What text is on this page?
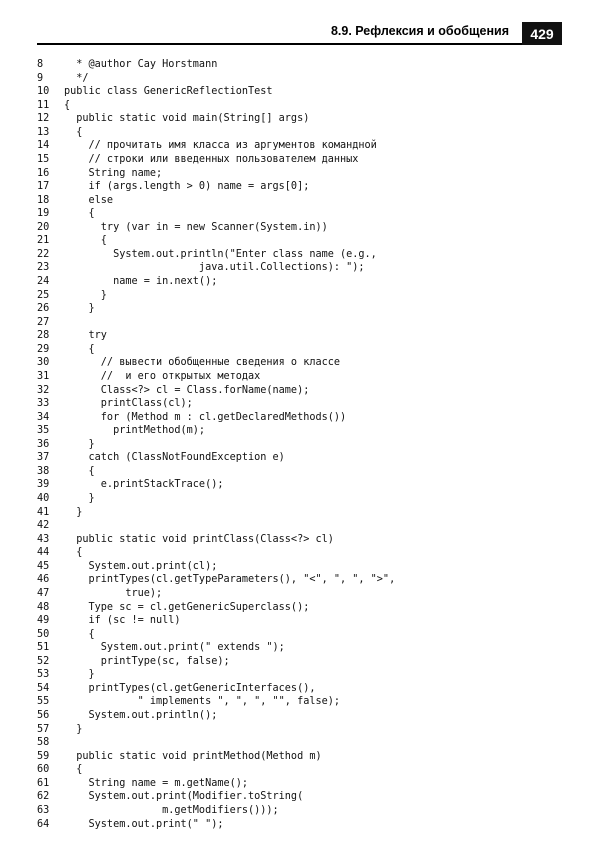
8.9. Рефлексия и обобщения	429
8	* @author Cay Horstmann
9	*/
10	public class GenericReflectionTest
11	{
12	public static void main(String[] args)
13	{
14	// прочитать имя класса из аргументов командной
15	// строки или введенных пользователем данных
16	String name;
17	if (args.length > 0) name = args[0];
18	else
19	{
20	try (var in = new Scanner(System.in))
21	{
22	System.out.println("Enter class name (e.g.,
23	java.util.Collections): ");
24	name = in.next();
25	}
26	}
27
28	try
29	{
30	// вывести обобщенные сведения о классе
31	//  и его открытых методах
32	Class<?> cl = Class.forName(name);
33	printClass(cl);
34	for (Method m : cl.getDeclaredMethods())
35	printMethod(m);
36	}
37	catch (ClassNotFoundException e)
38	{
39	e.printStackTrace();
40	}
41	}
42
43	public static void printClass(Class<?> cl)
44	{
45	System.out.print(cl);
46	printTypes(cl.getTypeParameters(), "<", ", ", ">",
47	true);
48	Type sc = cl.getGenericSuperclass();
49	if (sc != null)
50	{
51	System.out.print(" extends ");
52	printType(sc, false);
53	}
54	printTypes(cl.getGenericInterfaces(),
55	" implements ", ", ", "", false);
56	System.out.println();
57	}
58
59	public static void printMethod(Method m)
60	{
61	String name = m.getName();
62	System.out.print(Modifier.toString(
63	m.getModifiers()));
64	System.out.print(" ");
